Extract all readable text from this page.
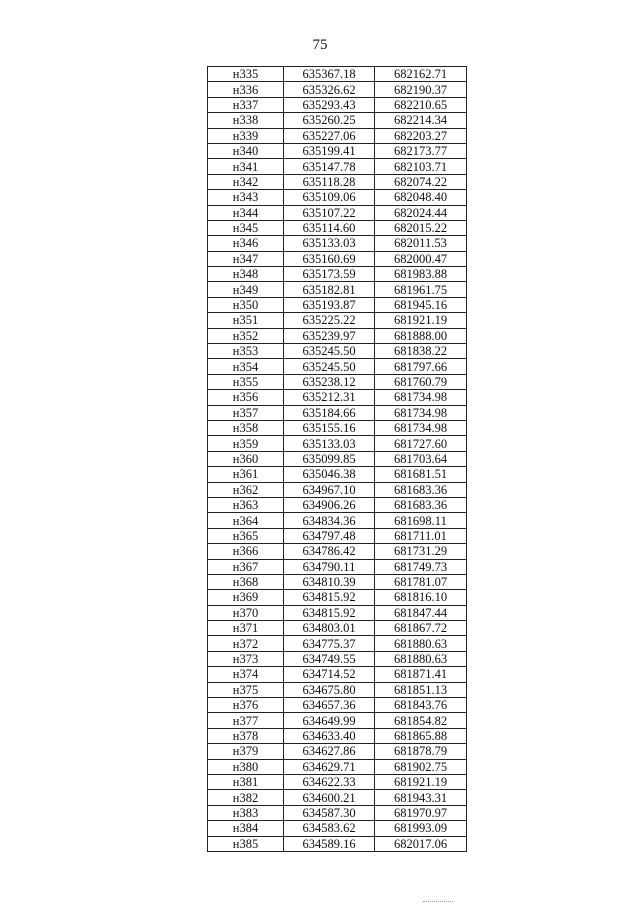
75
н335	635367.18	682162.71
н336	635326.62	682190.37
н337	635293.43	682210.65
н338	635260.25	682214.34
н339	635227.06	682203.27
н340	635199.41	682173.77
н341	635147.78	682103.71
н342	635118.28	682074.22
н343	635109.06	682048.40
н344	635107.22	682024.44
н345	635114.60	682015.22
н346	635133.03	682011.53
н347	635160.69	682000.47
н348	635173.59	681983.88
н349	635182.81	681961.75
н350	635193.87	681945.16
н351	635225.22	681921.19
н352	635239.97	681888.00
н353	635245.50	681838.22
н354	635245.50	681797.66
н355	635238.12	681760.79
н356	635212.31	681734.98
н357	635184.66	681734.98
н358	635155.16	681734.98
н359	635133.03	681727.60
н360	635099.85	681703.64
н361	635046.38	681681.51
н362	634967.10	681683.36
н363	634906.26	681683.36
н364	634834.36	681698.11
н365	634797.48	681711.01
н366	634786.42	681731.29
н367	634790.11	681749.73
н368	634810.39	681781.07
н369	634815.92	681816.10
н370	634815.92	681847.44
н371	634803.01	681867.72
н372	634775.37	681880.63
н373	634749.55	681880.63
н374	634714.52	681871.41
н375	634675.80	681851.13
н376	634657.36	681843.76
н377	634649.99	681854.82
н378	634633.40	681865.88
н379	634627.86	681878.79
н380	634629.71	681902.75
н381	634622.33	681921.19
н382	634600.21	681943.31
н383	634587.30	681970.97
н384	634583.62	681993.09
н385	634589.16	682017.06
